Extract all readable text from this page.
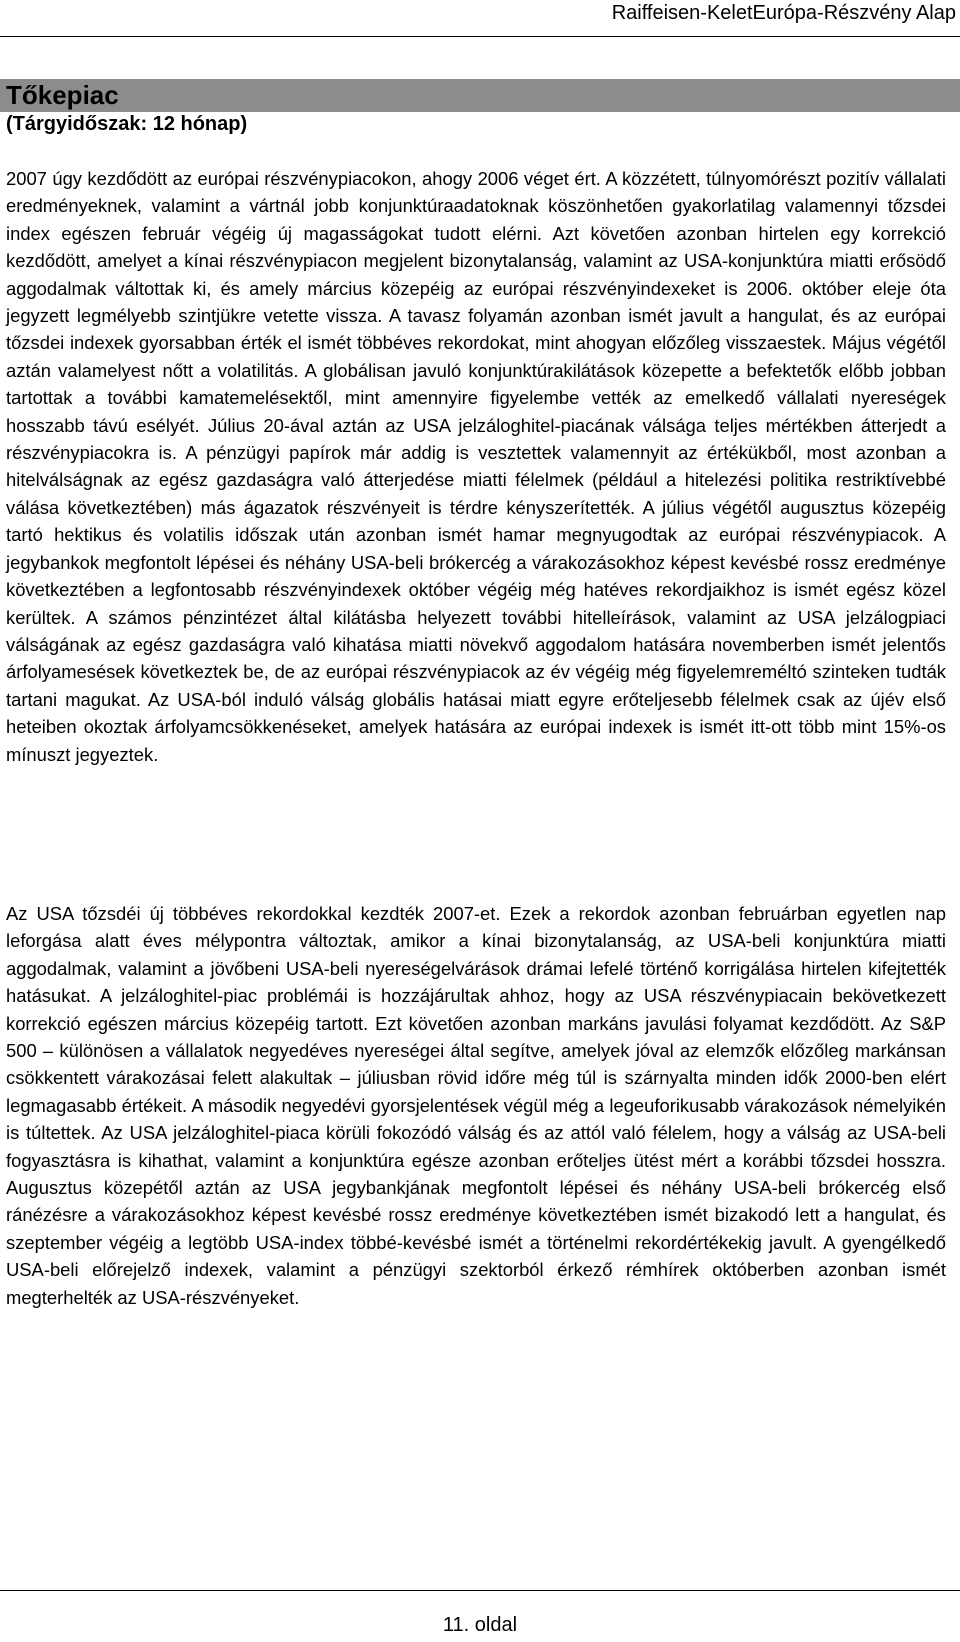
Raiffeisen-KeletEurópa-Részvény Alap
Tőkepiac
(Tárgyidőszak: 12 hónap)

2007 úgy kezdődött az európai részvénypiacokon, ahogy 2006 véget ért. A közzétett, túlnyomórészt pozitív vállalati eredményeknek, valamint a vártnál jobb konjunktúraadatoknak köszönhetően gyakorlatilag valamennyi tőzsdei index egészen február végéig új magasságokat tudott elérni. Azt követően azonban hirtelen egy korrekció kezdődött, amelyet a kínai részvénypiacon megjelent bizonytalanság, valamint az USA-konjunktúra miatti erősödő aggodalmak váltottak ki, és amely március közepéig az európai részvényindexeket is 2006. október eleje óta jegyzett legmélyebb szintjükre vetette vissza. A tavasz folyamán azonban ismét javult a hangulat, és az európai tőzsdei indexek gyorsabban érték el ismét többéves rekordokat, mint ahogyan előzőleg visszaestek. Május végétől aztán valamelyest nőtt a volatilitás. A globálisan javuló konjunktúrakilátások közepette a befektetők előbb jobban tartottak a további kamatemelésektől, mint amennyire figyelembe vették az emelkedő vállalati nyereségek hosszabb távú esélyét. Július 20-ával aztán az USA jelzáloghitel-piacának válsága teljes mértékben átterjedt a részvénypiacokra is. A pénzügyi papírok már addig is vesztettek valamennyit az értékükből, most azonban a hitelválságnak az egész gazdaságra való átterjedése miatti félelmek (például a hitelezési politika restriktívebbé válása következtében) más ágazatok részvényeit is térdre kényszerítették. A július végétől augusztus közepéig tartó hektikus és volatilis időszak után azonban ismét hamar megnyugodtak az európai részvénypiacok. A jegybankok megfontolt lépései és néhány USA-beli brókercég a várakozásokhoz képest kevésbé rossz eredménye következtében a legfontosabb részvényindexek október végéig még hatéves rekordjaikhoz is ismét egész közel kerültek. A számos pénzintézet által kilátásba helyezett további hitelleírások, valamint az USA jelzálogpiaci válságának az egész gazdaságra való kihatása miatti növekvő aggodalom hatására novemberben ismét jelentős árfolyamesések következtek be, de az európai részvénypiacok az év végéig még figyelemreméltó szinteken tudták tartani magukat. Az USA-ból induló válság globális hatásai miatt egyre erőteljesebb félelmek csak az újév első heteiben okoztak árfolyamcsökkenéseket, amelyek hatására az európai indexek is ismét itt-ott több mint 15%-os mínuszt jegyeztek.

Az USA tőzsdéi új többéves rekordokkal kezdték 2007-et. Ezek a rekordok azonban februárban egyetlen nap leforgása alatt éves mélypontra változtak, amikor a kínai bizonytalanság, az USA-beli konjunktúra miatti aggodalmak, valamint a jövőbeni USA-beli nyereségelvárások drámai lefelé történő korrigálása hirtelen kifejtették hatásukat. A jelzáloghitel-piac problémái is hozzájárultak ahhoz, hogy az USA részvénypiacain bekövetkezett korrekció egészen március közepéig tartott. Ezt követően azonban markáns javulási folyamat kezdődött. Az S&P 500 – különösen a vállalatok negyedéves nyereségei által segítve, amelyek jóval az elemzők előzőleg markánsan csökkentett várakozásai felett alakultak – júliusban rövid időre még túl is szárnyalta minden idők 2000-ben elért legmagasabb értékeit. A második negyedévi gyorsjelentések végül még a legeuforikusabb várakozások némelyikén is túltettek. Az USA jelzáloghitel-piaca körüli fokozódó válság és az attól való félelem, hogy a válság az USA-beli fogyasztásra is kihathat, valamint a konjunktúra egésze azonban erőteljes ütést mért a korábbi tőzsdei hosszra. Augusztus közepétől aztán az USA jegybankjának megfontolt lépései és néhány USA-beli brókercég első ránézésre a várakozásokhoz képest kevésbé rossz eredménye következtében ismét bizakodó lett a hangulat, és szeptember végéig a legtöbb USA-index többé-kevésbé ismét a történelmi rekordértékekig javult. A gyengélkedő USA-beli előrejelző indexek, valamint a pénzügyi szektorból érkező rémhírek októberben azonban ismét megterhelték az USA-részvényeket.

11. oldal
